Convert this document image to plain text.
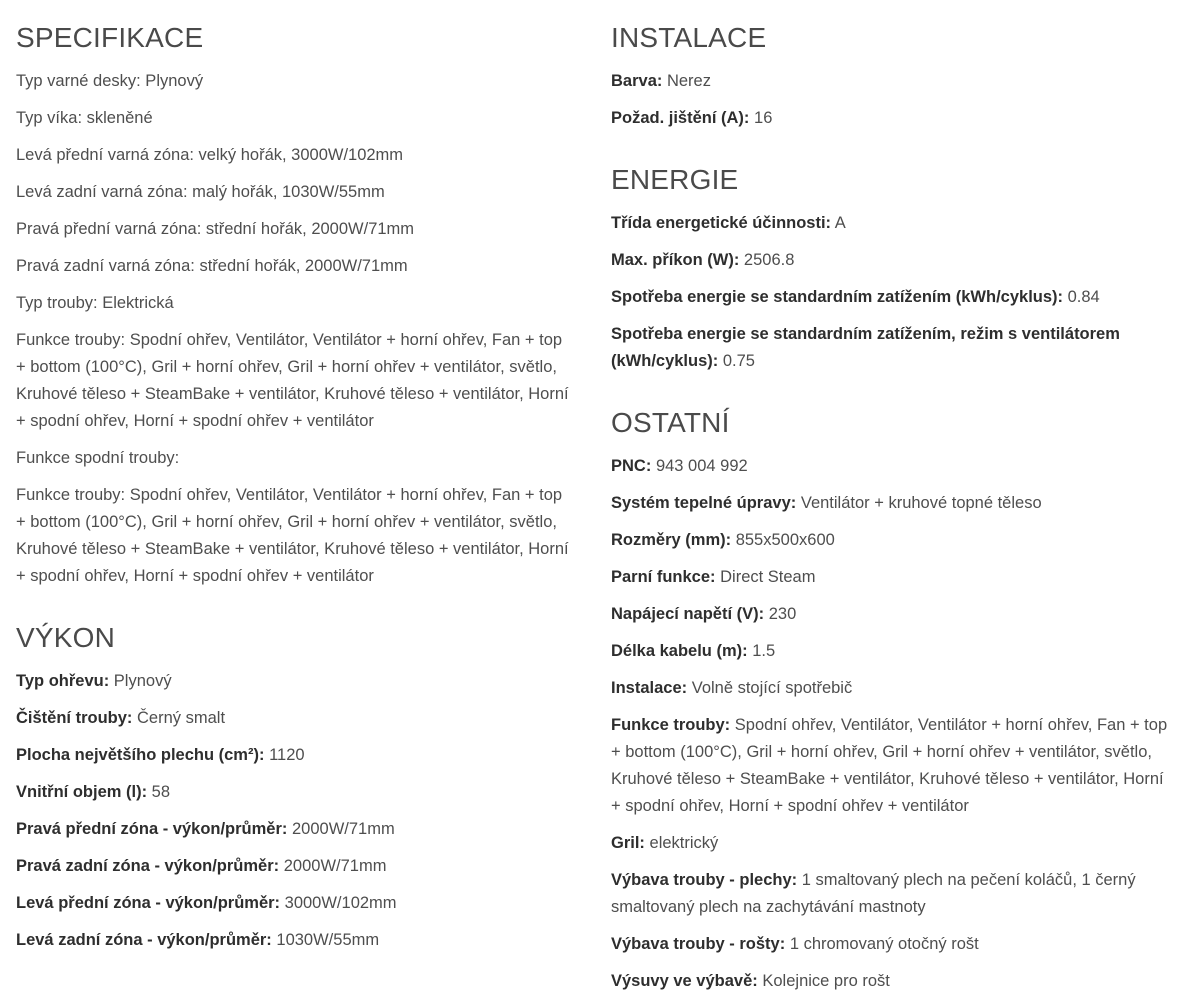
SPECIFIKACE
Typ varné desky: Plynový
Typ víka: skleněné
Levá přední varná zóna: velký hořák, 3000W/102mm
Levá zadní varná zóna: malý hořák, 1030W/55mm
Pravá přední varná zóna: střední hořák, 2000W/71mm
Pravá zadní varná zóna: střední hořák, 2000W/71mm
Typ trouby: Elektrická
Funkce trouby: Spodní ohřev, Ventilátor, Ventilátor + horní ohřev, Fan + top + bottom (100°C), Gril + horní ohřev, Gril + horní ohřev + ventilátor, světlo, Kruhové těleso + SteamBake + ventilátor, Kruhové těleso + ventilátor, Horní + spodní ohřev, Horní + spodní ohřev + ventilátor
Funkce spodní trouby:
Funkce trouby: Spodní ohřev, Ventilátor, Ventilátor + horní ohřev, Fan + top + bottom (100°C), Gril + horní ohřev, Gril + horní ohřev + ventilátor, světlo, Kruhové těleso + SteamBake + ventilátor, Kruhové těleso + ventilátor, Horní + spodní ohřev, Horní + spodní ohřev + ventilátor
VÝKON
Typ ohřevu: Plynový
Čištění trouby: Černý smalt
Plocha největšího plechu (cm²): 1120
Vnitřní objem (l): 58
Pravá přední zóna - výkon/průměr: 2000W/71mm
Pravá zadní zóna - výkon/průměr: 2000W/71mm
Levá přední zóna - výkon/průměr: 3000W/102mm
Levá zadní zóna - výkon/průměr: 1030W/55mm
INSTALACE
Barva: Nerez
Požad. jištění (A): 16
ENERGIE
Třída energetické účinnosti: A
Max. příkon (W): 2506.8
Spotřeba energie se standardním zatížením (kWh/cyklus): 0.84
Spotřeba energie se standardním zatížením, režim s ventilátorem (kWh/cyklus): 0.75
OSTATNÍ
PNC: 943 004 992
Systém tepelné úpravy: Ventilátor + kruhové topné těleso
Rozměry (mm): 855x500x600
Parní funkce: Direct Steam
Napájecí napětí (V): 230
Délka kabelu (m): 1.5
Instalace: Volně stojící spotřebič
Funkce trouby: Spodní ohřev, Ventilátor, Ventilátor + horní ohřev, Fan + top + bottom (100°C), Gril + horní ohřev, Gril + horní ohřev + ventilátor, světlo, Kruhové těleso + SteamBake + ventilátor, Kruhové těleso + ventilátor, Horní + spodní ohřev, Horní + spodní ohřev + ventilátor
Gril: elektrický
Výbava trouby - plechy: 1 smaltovaný plech na pečení koláčů, 1 černý smaltovaný plech na zachytávání mastnoty
Výbava trouby - rošty: 1 chromovaný otočný rošt
Výsuvy ve výbavě: Kolejnice pro rošt
